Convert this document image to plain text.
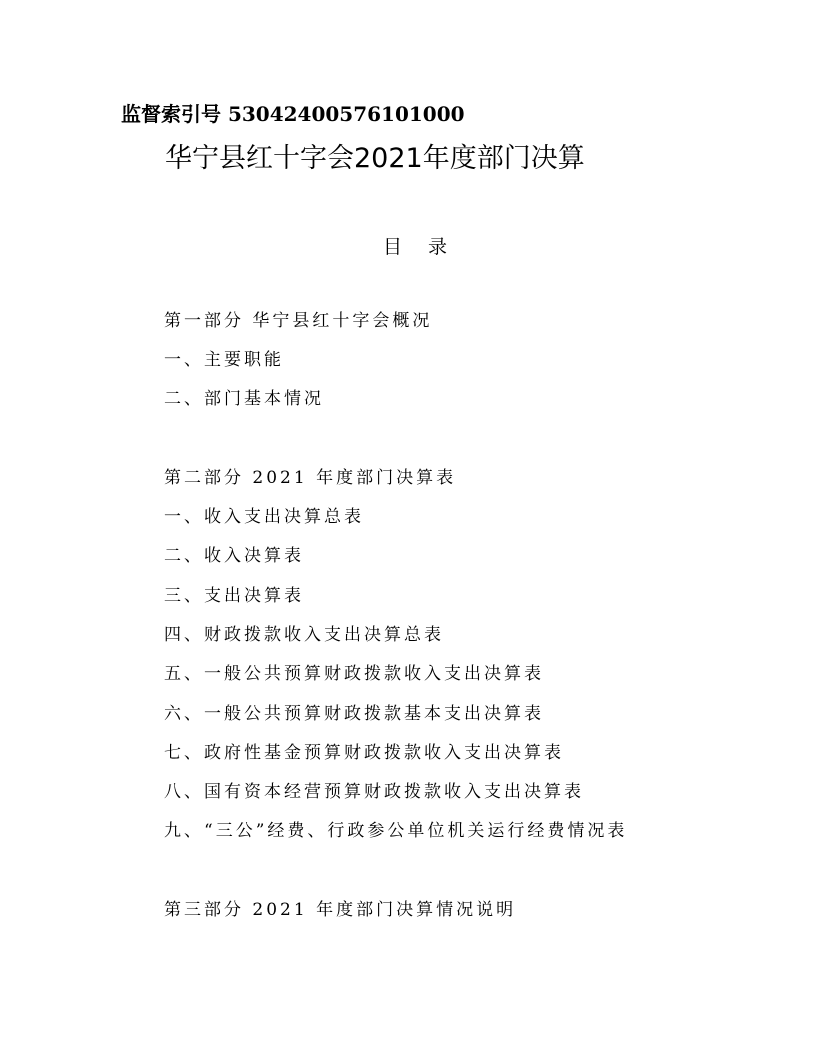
监督索引号 53042400576101000
华宁县红十字会2021年度部门决算
目 录
第一部分 华宁县红十字会概况
一、主要职能
二、部门基本情况
第二部分 2021 年度部门决算表
一、收入支出决算总表
二、收入决算表
三、支出决算表
四、财政拨款收入支出决算总表
五、一般公共预算财政拨款收入支出决算表
六、一般公共预算财政拨款基本支出决算表
七、政府性基金预算财政拨款收入支出决算表
八、国有资本经营预算财政拨款收入支出决算表
九、“三公”经费、行政参公单位机关运行经费情况表
第三部分 2021 年度部门决算情况说明
